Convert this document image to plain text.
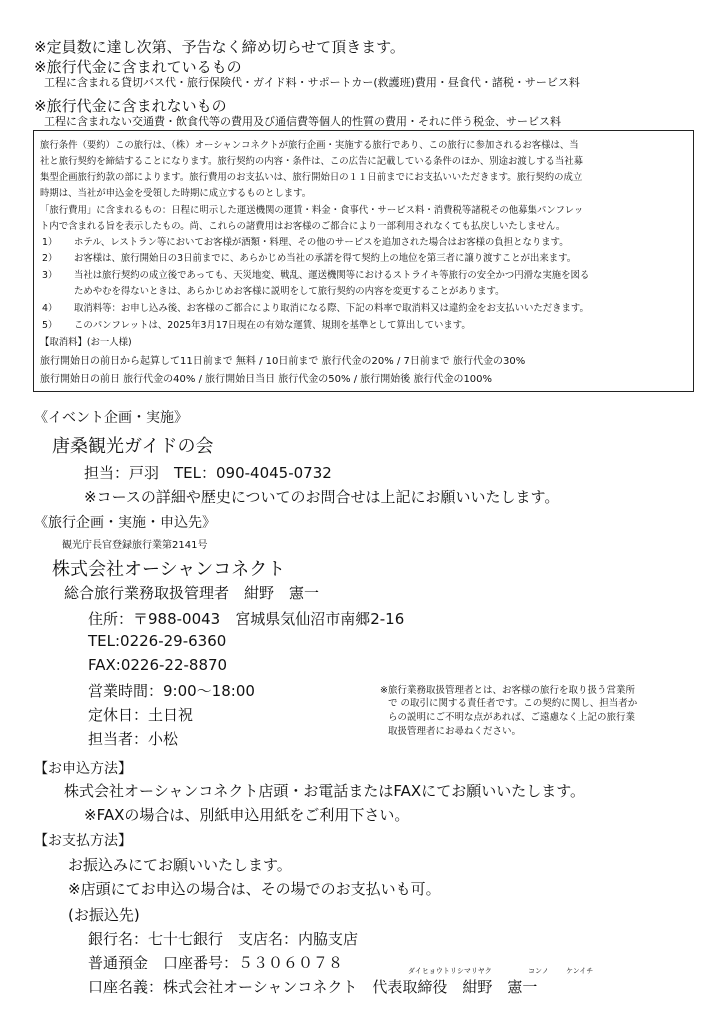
※定員数に達し次第、予告なく締め切らせて頂きます。
※旅行代金に含まれているもの
工程に含まれる貸切バス代・旅行保険代・ガイド料・サポートカー(救護班)費用・昼食代・諸税・サービス料
※旅行代金に含まれないもの
工程に含まれない交通費・飲食代等の費用及び通信費等個人的性質の費用・それに伴う税金、サービス料
旅行条件（要約）この旅行は、（株）オーシャンコネクトが旅行企画・実施する旅行であり、この旅行に参加されるお客様は、当
社と旅行契約を締結することになります。旅行契約の内容・条件は、この広告に記載している条件のほか、別途お渡しする当社募
集型企画旅行約款の部によります。旅行費用のお支払いは、旅行開始日の１１日前までにお支払いいただきます。旅行契約の成立
時期は、当社が申込金を受領した時期に成立するものとします。
「旅行費用」に含まれるもの：日程に明示した運送機関の運賃・料金・食事代・サービス料・消費税等諸税その他募集パンフレッ
ト内で含まれる旨を表示したもの。尚、これらの諸費用はお客様のご都合により一部利用されなくても払戻しいたしません。
1） ホテル、レストラン等においてお客様が酒類・料理、その他のサービスを追加された場合はお客様の負担となります。
2） お客様は、旅行開始日の3日前までに、あらかじめ当社の承諾を得て契約上の地位を第三者に譲り渡すことが出来ます。
3） 当社は旅行契約の成立後であっても、天災地変、戦乱、運送機関等におけるストライキ等旅行の安全かつ円滑な実施を図る
ためやむを得ないときは、あらかじめお客様に説明をして旅行契約の内容を変更することがあります。
4） 取消料等：お申し込み後、お客様のご都合により取消になる際、下記の料率で取消料又は違約金をお支払いいただきます。
5） このパンフレットは、2025年3月17日現在の有効な運賃、規則を基準として算出しています。
【取消料】(お一人様)
旅行開始日の前日から起算して11日前まで 無料 / 10日前まで 旅行代金の20% / 7日前まで 旅行代金の30%
旅行開始日の前日 旅行代金の40% / 旅行開始日当日 旅行代金の50% / 旅行開始後 旅行代金の100%
《イベント企画・実施》
唐桑観光ガイドの会
担当：戸羽　TEL：090-4045-0732
※コースの詳細や歴史についてのお問合せは上記にお願いいたします。
《旅行企画・実施・申込先》
観光庁長官登録旅行業第2141号
株式会社オーシャンコネクト
総合旅行業務取扱管理者　紺野　憲一
住所：〒988-0043　宮城県気仙沼市南郷2-16
TEL:0226-29-6360
FAX:0226-22-8870
営業時間：9:00〜18:00
定休日：土日祝
担当者：小松
※旅行業務取扱管理者とは、お客様の旅行を取り扱う営業所
で の取引に関する責任者です。この契約に関し、担当者か
らの説明にご不明な点があれば、ご遠慮なく上記の旅行業
取扱管理者にお尋ねください。
【お申込方法】
株式会社オーシャンコネクト店頭・お電話またはFAXにてお願いいたします。
※FAXの場合は、別紙申込用紙をご利用下さい。
【お支払方法】
お振込みにてお願いいたします。
※店頭にてお申込の場合は、その場でのお支払いも可。
(お振込先)
銀行名：七十七銀行　支店名：内脇支店
普通預金　口座番号：５３０６０７８	ダイヒョウトリシマリヤク	コンノ ケンイチ
口座名義：株式会社オーシャンコネクト　代表取締役　紺野　憲一
